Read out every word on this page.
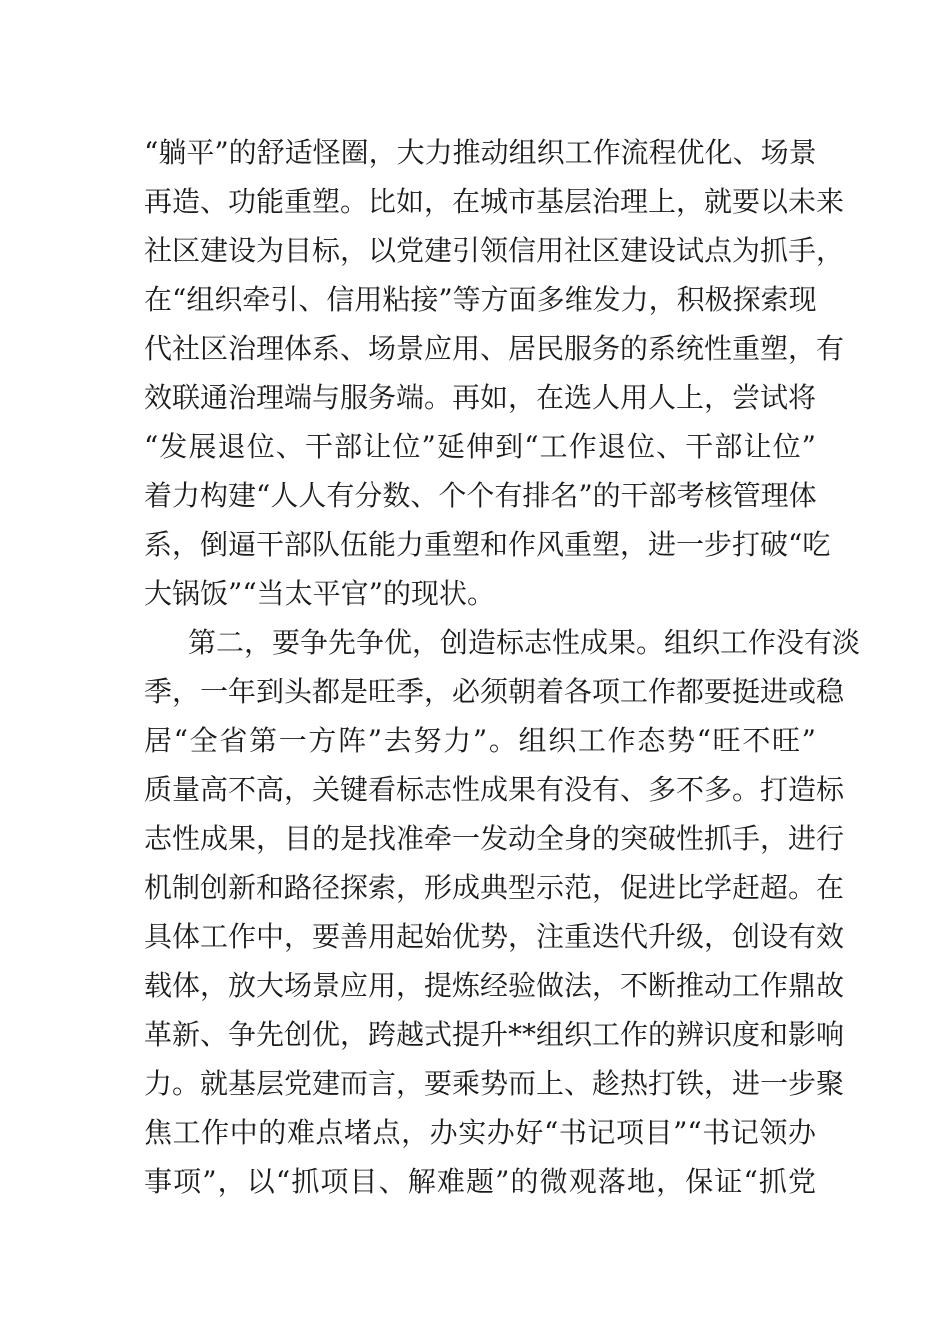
“躺平”的舒适怪圈，大力推动组织工作流程优化、场景
再造、功能重塑。比如，在城市基层治理上，就要以未来
社区建设为目标，以党建引领信用社区建设试点为抓手，
在“组织牵引、信用粘接”等方面多维发力，积极探索现
代社区治理体系、场景应用、居民服务的系统性重塑，有
效联通治理端与服务端。再如，在选人用人上，尝试将
“发展退位、干部让位”延伸到“工作退位、干部让位”
着力构建“人人有分数、个个有排名”的干部考核管理体
系，倒逼干部队伍能力重塑和作风重塑，进一步打破“吃
大锅饭”“当太平官”的现状。
第二，要争先争优，创造标志性成果。组织工作没有淡
季，一年到头都是旺季，必须朝着各项工作都要挺进或稳
居“全省第一方阵”去努力”。组织工作态势“旺不旺”
质量高不高，关键看标志性成果有没有、多不多。打造标
志性成果，目的是找准牵一发动全身的突破性抓手，进行
机制创新和路径探索，形成典型示范，促进比学赶超。在
具体工作中，要善用起始优势，注重迭代升级，创设有效
载体，放大场景应用，提炼经验做法，不断推动工作鼎故
革新、争先创优，跨越式提升**组织工作的辨识度和影响
力。就基层党建而言，要乘势而上、趁热打铁，进一步聚
焦工作中的难点堵点，办实办好“书记项目”“书记领办
事项”，以“抓项目、解难题”的微观落地，保证“抓党
